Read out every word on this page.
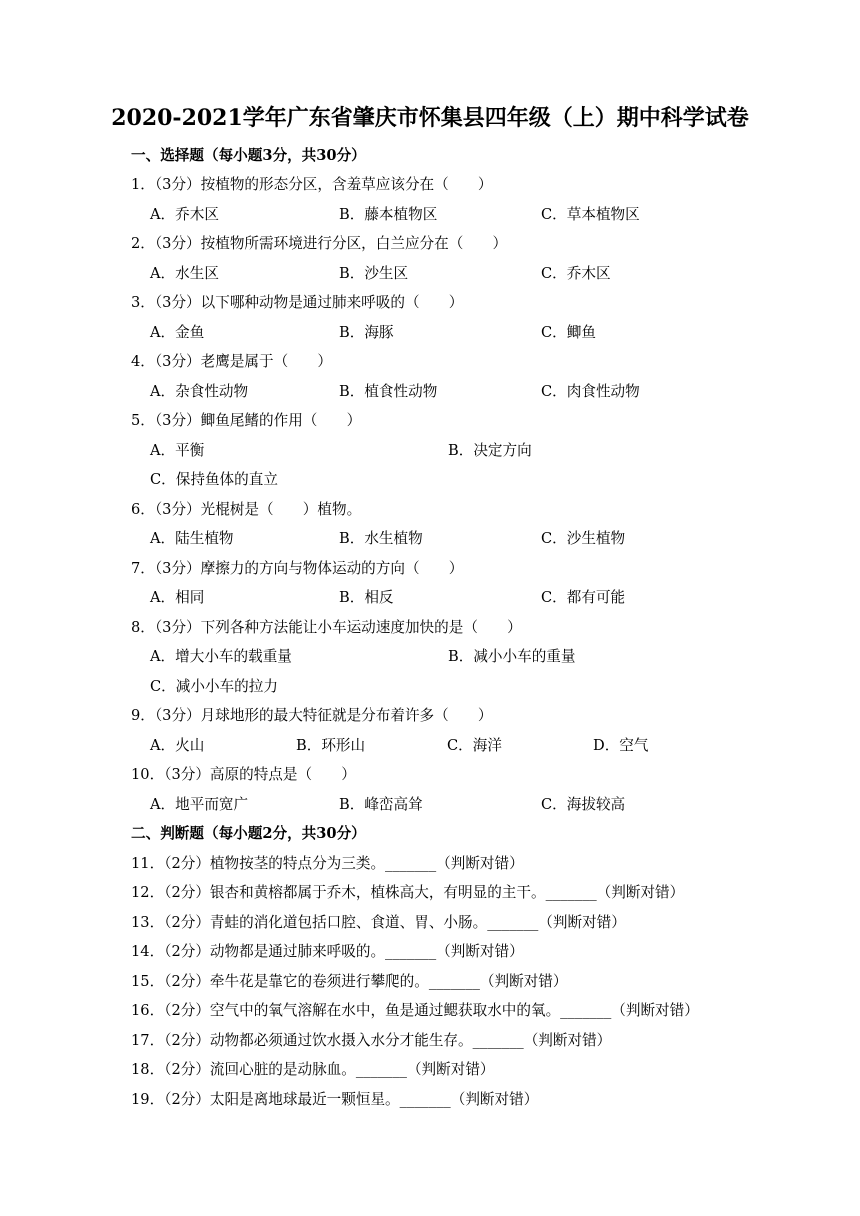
2020-2021学年广东省肇庆市怀集县四年级（上）期中科学试卷
一、选择题（每小题3分，共30分）
1．（3分）按植物的形态分区，含羞草应该分在（　　）
A．乔木区	B．藤本植物区	C．草本植物区
2．（3分）按植物所需环境进行分区，白兰应分在（　　）
A．水生区	B．沙生区	C．乔木区
3．（3分）以下哪种动物是通过肺来呼吸的（　　）
A．金鱼	B．海豚	C．鲫鱼
4．（3分）老鹰是属于（　　）
A．杂食性动物	B．植食性动物	C．肉食性动物
5．（3分）鲫鱼尾鳍的作用（　　）
A．平衡	B．决定方向
C．保持鱼体的直立
6．（3分）光棍树是（　　）植物。
A．陆生植物	B．水生植物	C．沙生植物
7．（3分）摩擦力的方向与物体运动的方向（　　）
A．相同	B．相反	C．都有可能
8．（3分）下列各种方法能让小车运动速度加快的是（　　）
A．增大小车的载重量	B．减小小车的重量
C．减小小车的拉力
9．（3分）月球地形的最大特征就是分布着许多（　　）
A．火山	B．环形山	C．海洋	D．空气
10．（3分）高原的特点是（　　）
A．地平而宽广	B．峰峦高耸	C．海拔较高
二、判断题（每小题2分，共30分）
11．（2分）植物按茎的特点分为三类。_______（判断对错）
12．（2分）银杏和黄榕都属于乔木，植株高大，有明显的主干。_______（判断对错）
13．（2分）青蛙的消化道包括口腔、食道、胃、小肠。_______（判断对错）
14．（2分）动物都是通过肺来呼吸的。_______（判断对错）
15．（2分）牵牛花是靠它的卷须进行攀爬的。_______（判断对错）
16．（2分）空气中的氧气溶解在水中，鱼是通过鳃获取水中的氧。_______（判断对错）
17．（2分）动物都必须通过饮水摄入水分才能生存。_______（判断对错）
18．（2分）流回心脏的是动脉血。_______（判断对错）
19．（2分）太阳是离地球最近一颗恒星。_______（判断对错）
